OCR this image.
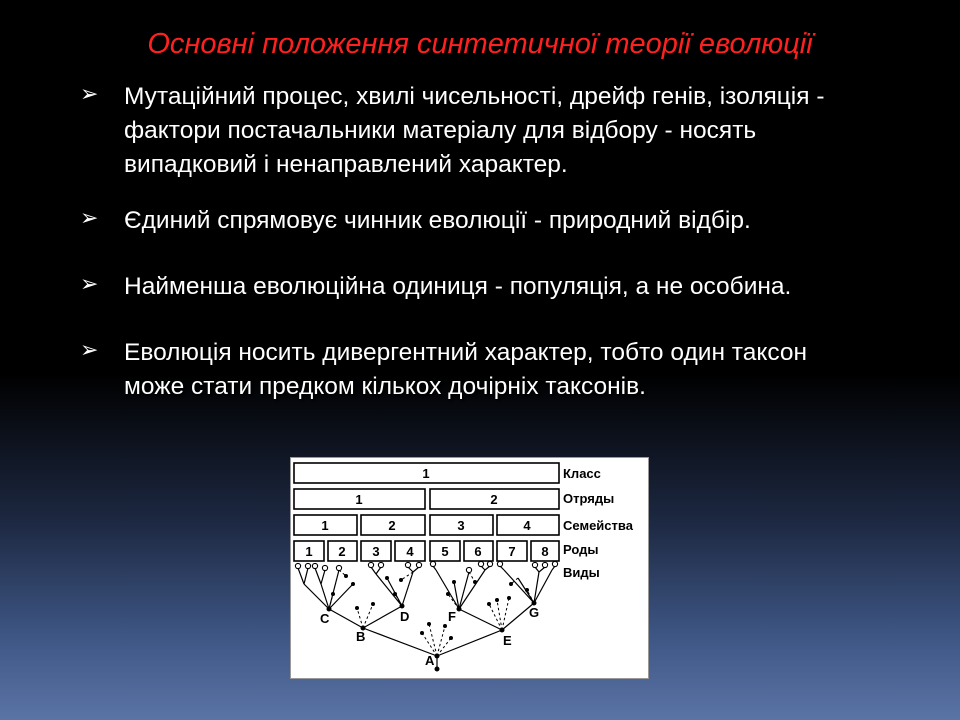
Основні положення синтетичної теорії еволюції
➢ Мутаційний процес, хвилі чисельності, дрейф генів, ізоляція -
фактори постачальники матеріалу для відбору - носять
випадковий і ненаправлений характер.
➢ Єдиний спрямовує чинник еволюції - природний відбір.
➢ Найменша еволюційна одиниця - популяція, а не особина.
➢ Еволюція носить дивергентний характер, тобто один таксон
може стати предком кількох дочірніх таксонів.
1
1	2
1	2	3	4
1 2 3 4 5 6 7 8
Класс
Отряды
Семейства
Роды
Виды
A
B
C	D
E
F	G
